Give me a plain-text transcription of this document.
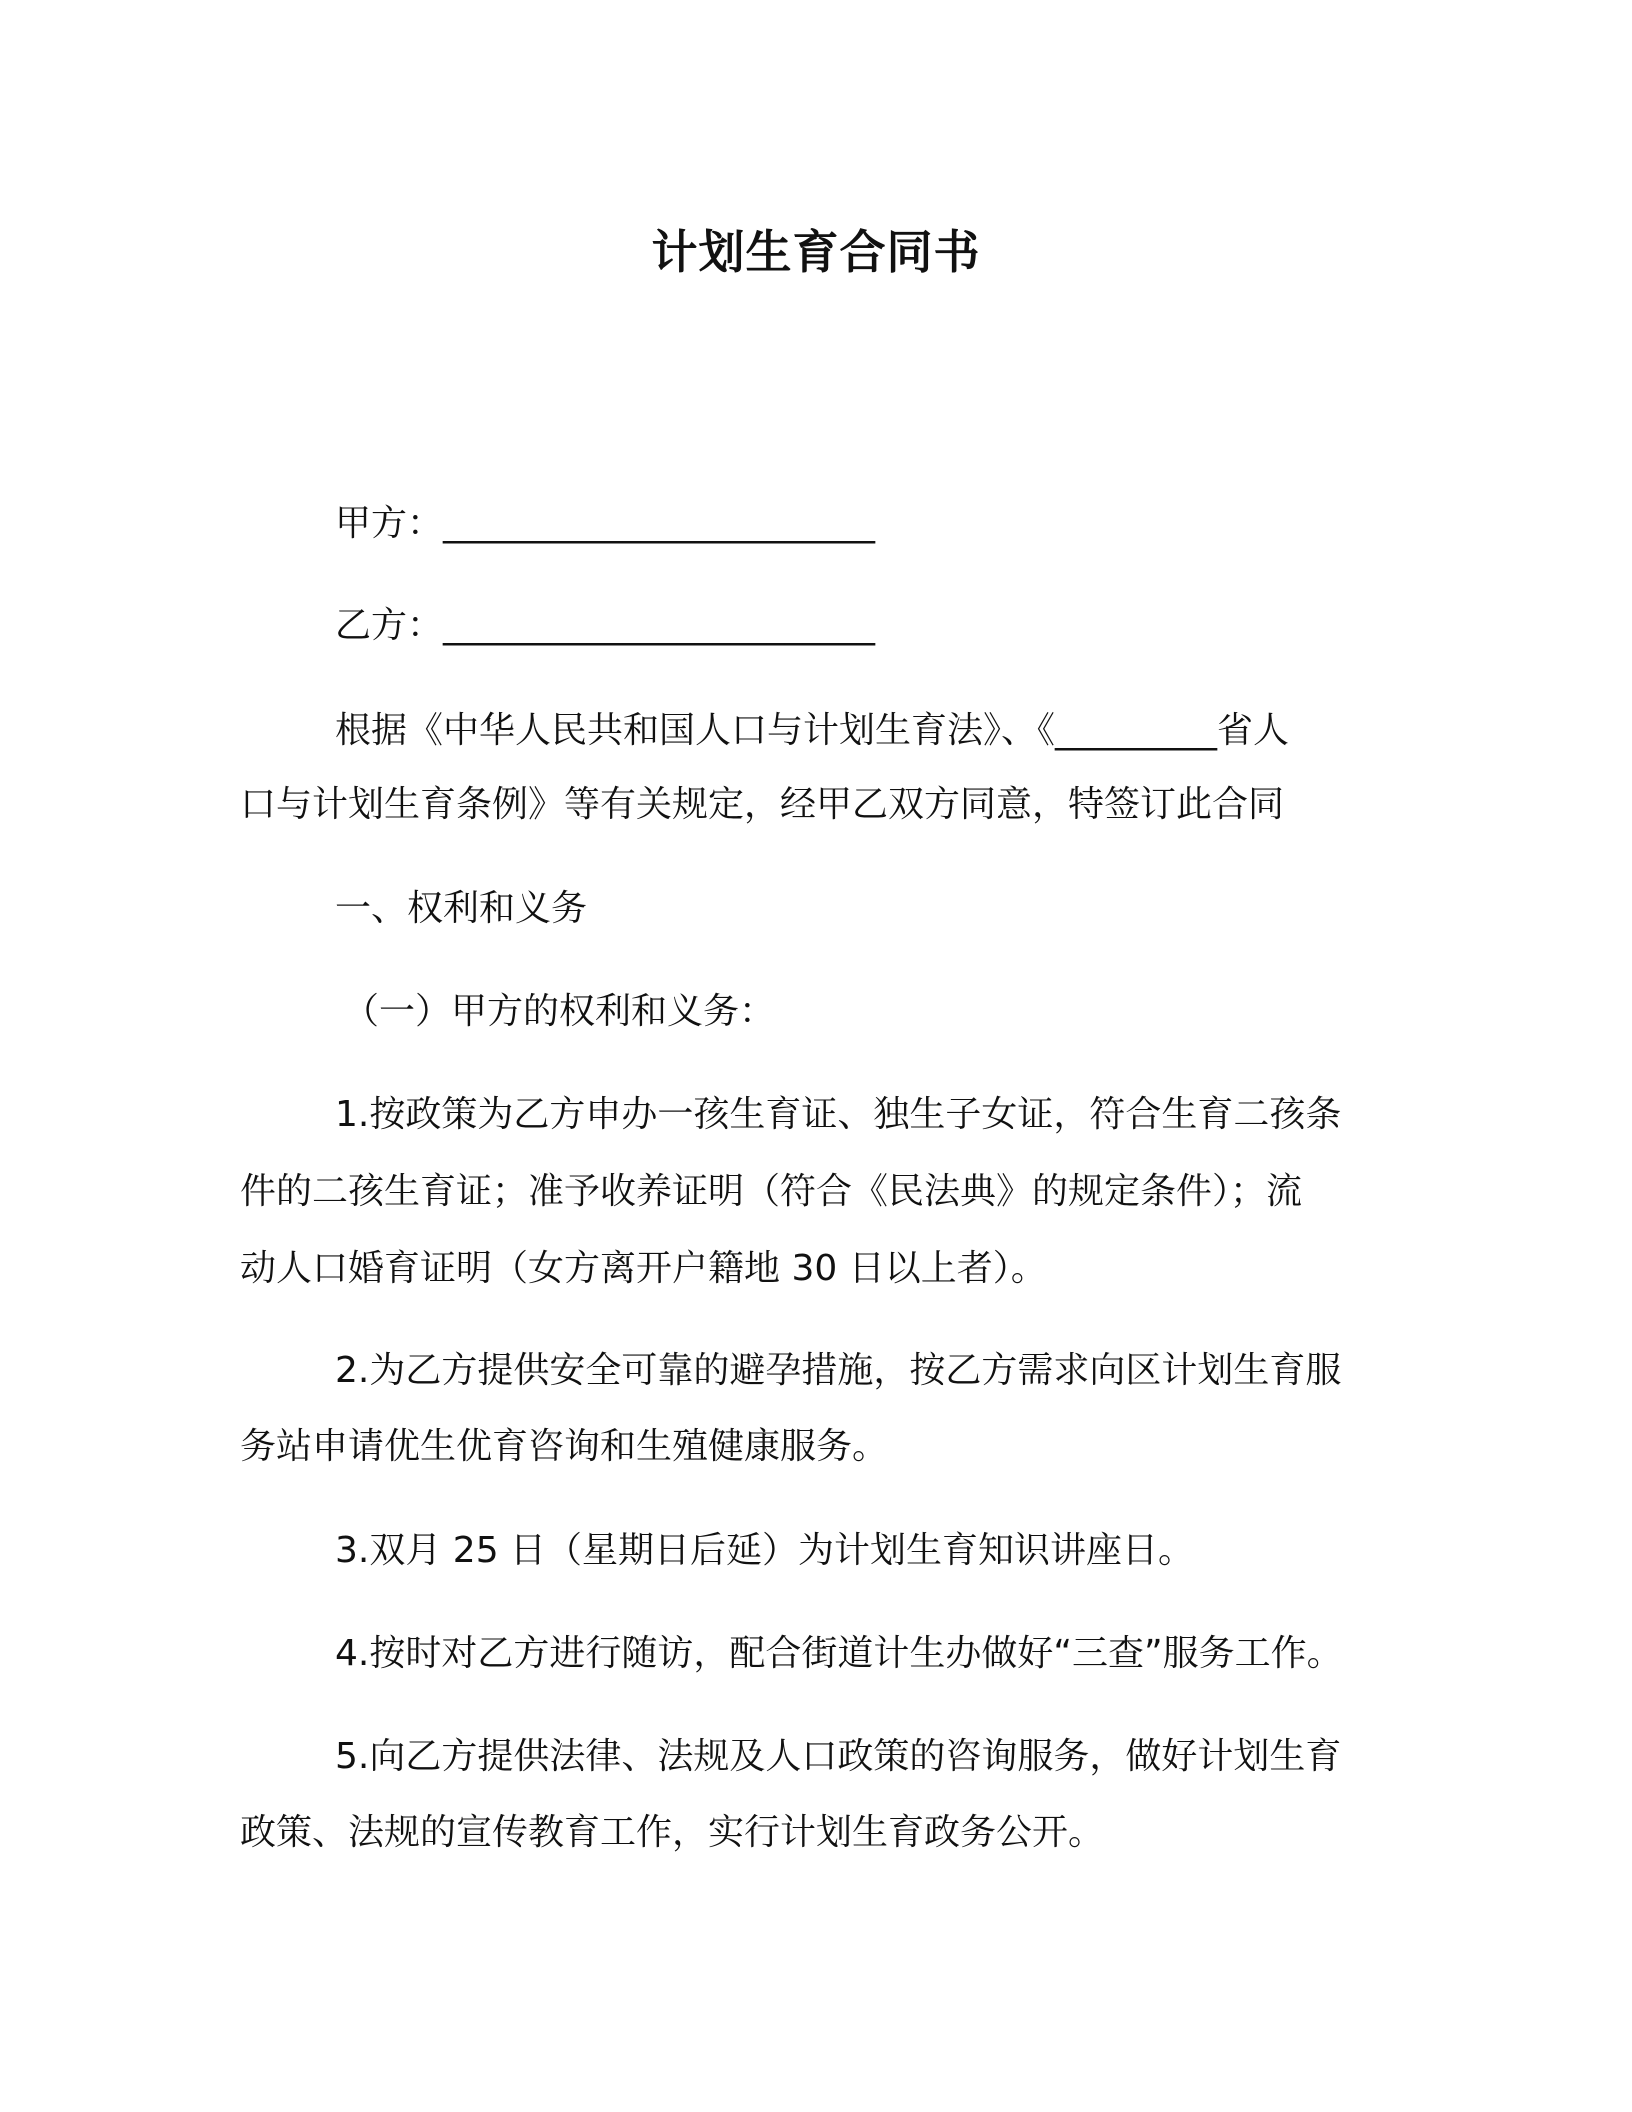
计划生育合同书

甲方：________________________

乙方：________________________

根据《中华人民共和国人口与计划生育法》、《_________省人

口与计划生育条例》等有关规定，经甲乙双方同意，特签订此合同

一、权利和义务

（一）甲方的权利和义务：

1.按政策为乙方申办一孩生育证、独生子女证，符合生育二孩条

件的二孩生育证；准予收养证明（符合《民法典》的规定条件）；流

动人口婚育证明（女方离开户籍地 30 日以上者）。

2.为乙方提供安全可靠的避孕措施，按乙方需求向区计划生育服

务站申请优生优育咨询和生殖健康服务。

3.双月 25 日（星期日后延）为计划生育知识讲座日。

4.按时对乙方进行随访，配合街道计生办做好“三查”服务工作。

5.向乙方提供法律、法规及人口政策的咨询服务，做好计划生育

政策、法规的宣传教育工作，实行计划生育政务公开。
